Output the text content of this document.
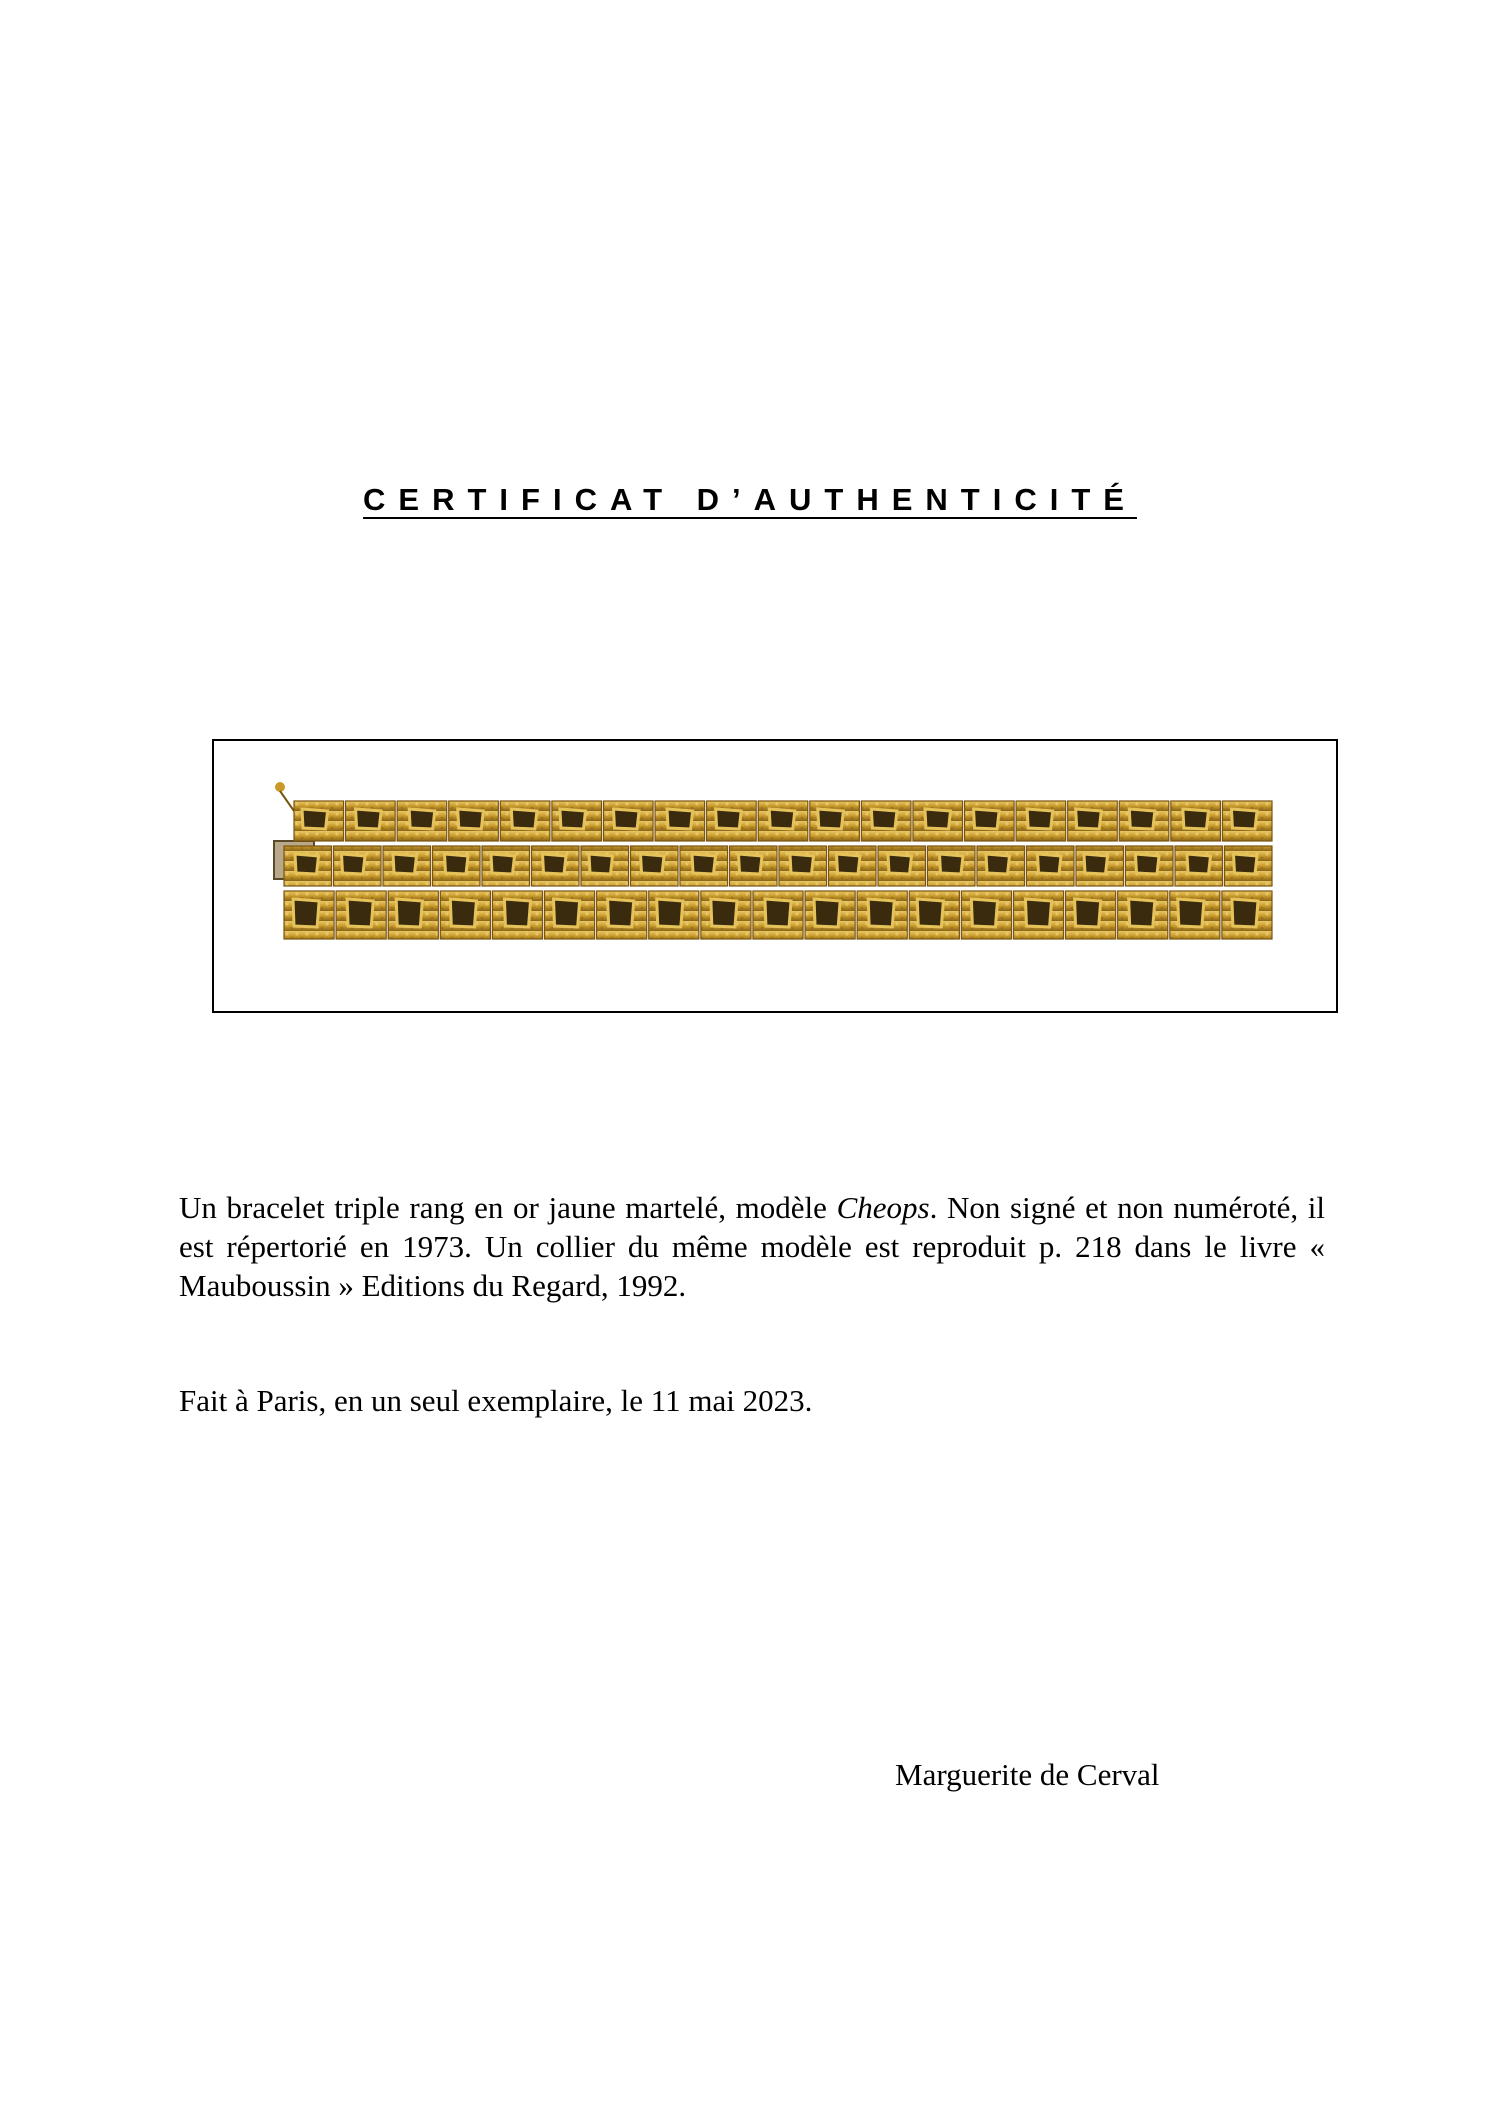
CERTIFICAT D’AUTHENTICITÉ

Un bracelet triple rang en or jaune martelé, modèle Cheops. Non signé et non numéroté, il est répertorié en 1973. Un collier du même modèle est reproduit p. 218 dans le livre « Mauboussin » Editions du Regard, 1992.

Fait à Paris, en un seul exemplaire, le 11 mai 2023.

Marguerite de Cerval
